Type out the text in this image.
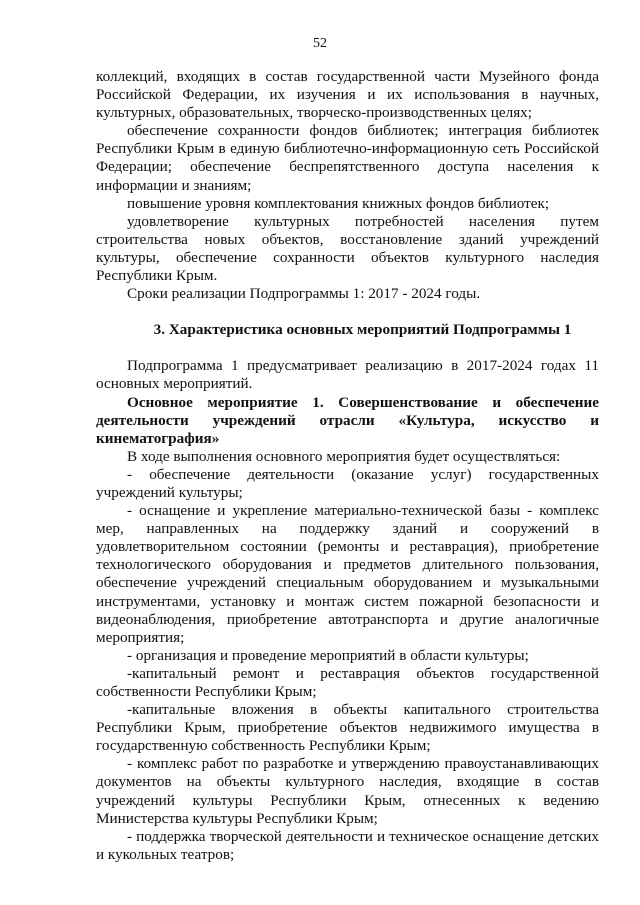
52

коллекций, входящих в состав государственной части Музейного фонда Российской Федерации, их изучения и их использования в научных, культурных, образовательных, творческо-производственных целях;

обеспечение сохранности фондов библиотек; интеграция библиотек Республики Крым в единую библиотечно-информационную сеть Российской Федерации; обеспечение беспрепятственного доступа населения к информации и знаниям;

повышение уровня комплектования книжных фондов библиотек;

удовлетворение культурных потребностей населения путем строительства новых объектов, восстановление зданий учреждений культуры, обеспечение сохранности объектов культурного наследия Республики Крым.

Сроки реализации Подпрограммы 1: 2017 - 2024 годы.

3. Характеристика основных мероприятий Подпрограммы 1

Подпрограмма 1 предусматривает реализацию в 2017-2024 годах 11 основных мероприятий.

Основное мероприятие 1. Совершенствование и обеспечение деятельности учреждений отрасли «Культура, искусство и кинематография»

В ходе выполнения основного мероприятия будет осуществляться:

- обеспечение деятельности (оказание услуг) государственных учреждений культуры;

- оснащение и укрепление материально-технической базы - комплекс мер, направленных на поддержку зданий и сооружений в удовлетворительном состоянии (ремонты и реставрация), приобретение технологического оборудования и предметов длительного пользования, обеспечение учреждений специальным оборудованием и музыкальными инструментами, установку и монтаж систем пожарной безопасности и видеонаблюдения, приобретение автотранспорта и другие аналогичные мероприятия;

- организация и проведение мероприятий в области культуры;

-капитальный ремонт и реставрация объектов государственной собственности Республики Крым;

-капитальные вложения в объекты капитального строительства Республики Крым, приобретение объектов недвижимого имущества в государственную собственность Республики Крым;

- комплекс работ по разработке и утверждению правоустанавливающих документов на объекты культурного наследия, входящие в состав учреждений культуры Республики Крым, отнесенных к ведению Министерства культуры Республики Крым;

- поддержка творческой деятельности и техническое оснащение детских и кукольных театров;
